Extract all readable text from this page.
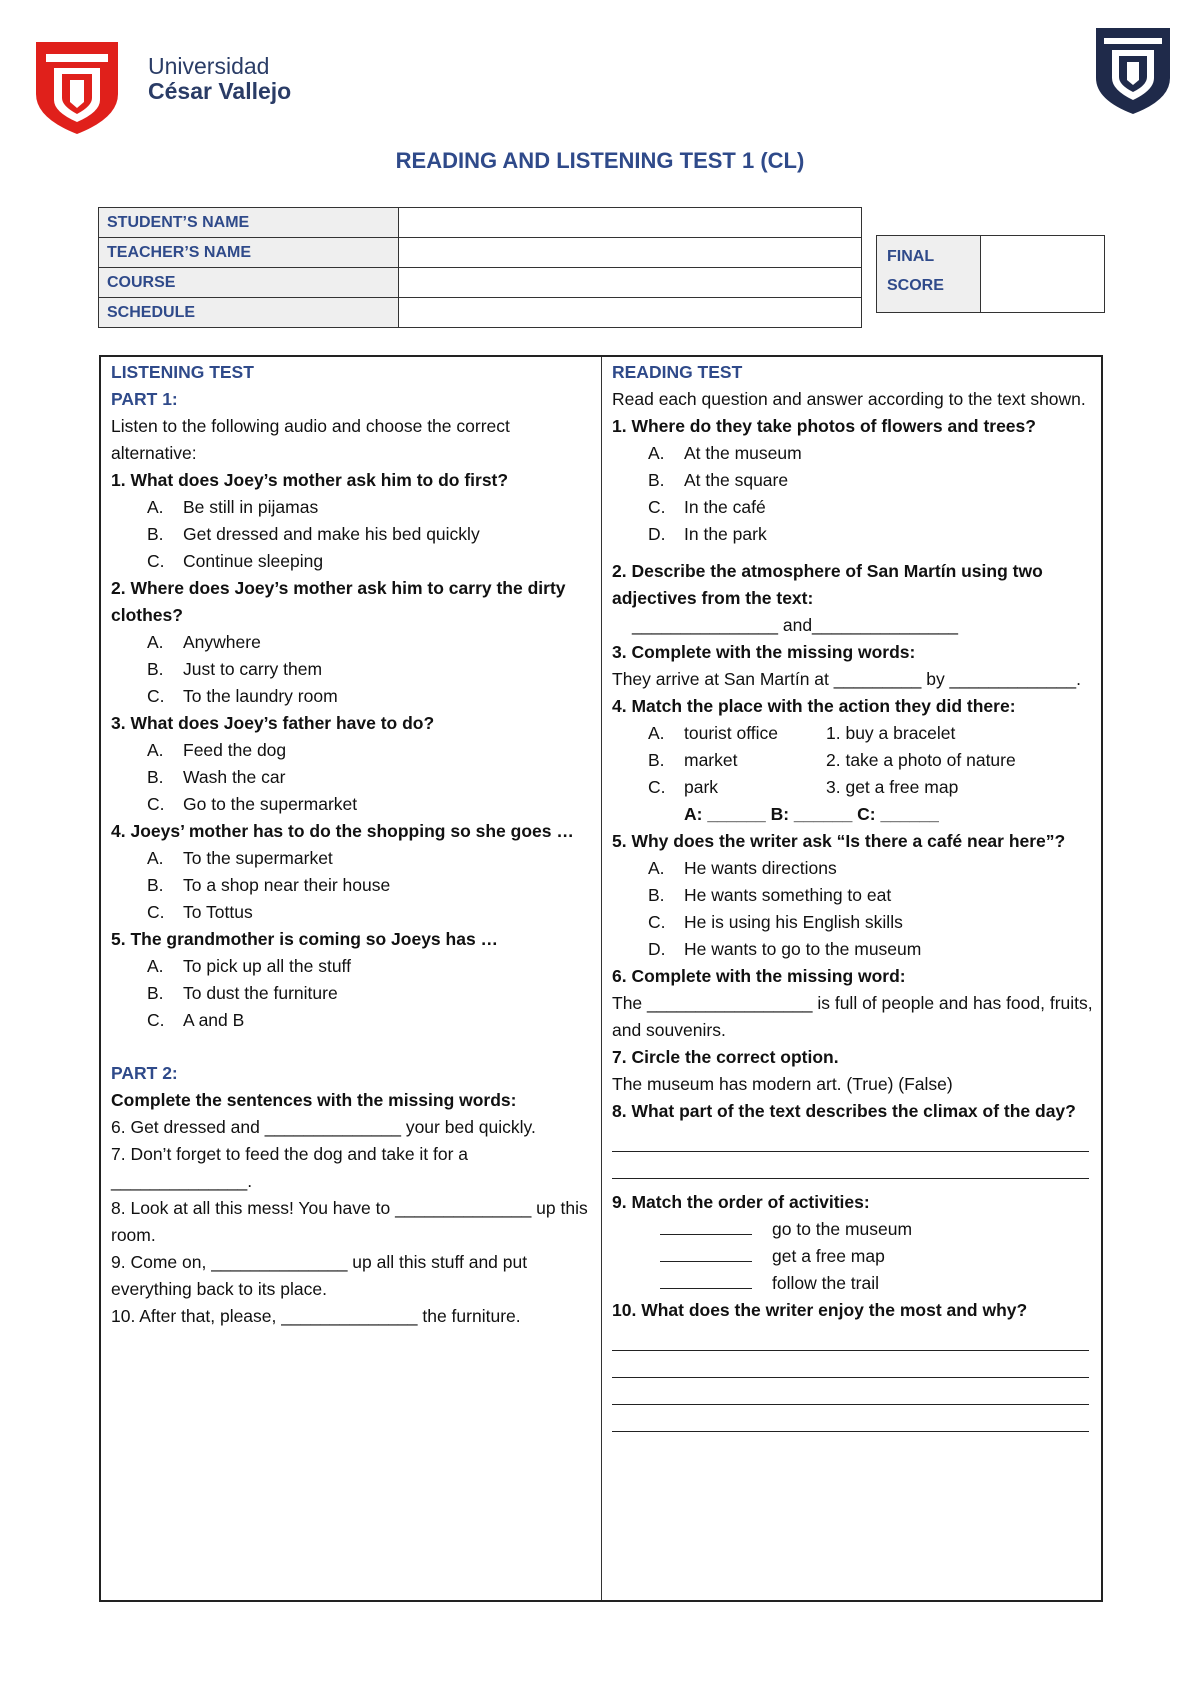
Universidad
César Vallejo
READING AND LISTENING TEST 1 (CL)
STUDENT’S NAME	
TEACHER’S NAME	
COURSE	
SCHEDULE	
FINAL
SCORE
LISTENING TEST
PART 1:
Listen to the following audio and choose the correct alternative:
1. What does Joey’s mother ask him to do first?
A. Be still in pijamas
B. Get dressed and make his bed quickly
C. Continue sleeping
2. Where does Joey’s mother ask him to carry the dirty clothes?
A. Anywhere
B. Just to carry them
C. To the laundry room
3. What does Joey’s father have to do?
A. Feed the dog
B. Wash the car
C. Go to the supermarket
4. Joeys’ mother has to do the shopping so she goes …
A. To the supermarket
B. To a shop near their house
C. To Tottus
5. The grandmother is coming so Joeys has …
A. To pick up all the stuff
B. To dust the furniture
C. A and B
PART 2:
Complete the sentences with the missing words:
6. Get dressed and ______________ your bed quickly.
7. Don’t forget to feed the dog and take it for a ______________.
8. Look at all this mess! You have to ______________ up this room.
9. Come on, ______________ up all this stuff and put everything back to its place.
10. After that, please, ______________ the furniture.
READING TEST
Read each question and answer according to the text shown.
1. Where do they take photos of flowers and trees?
A. At the museum
B. At the square
C. In the café
D. In the park
2. Describe the atmosphere of San Martín using two adjectives from the text:
_______________ and_______________
3. Complete with the missing words:
They arrive at San Martín at _________ by _____________.
4. Match the place with the action they did there:
A. tourist office	1. buy a bracelet
B. market	2. take a photo of nature
C. park	3. get a free map
A: ______ B: ______ C: ______
5. Why does the writer ask “Is there a café near here”?
A. He wants directions
B. He wants something to eat
C. He is using his English skills
D. He wants to go to the museum
6. Complete with the missing word:
The _________________ is full of people and has food, fruits, and souvenirs.
7. Circle the correct option.
The museum has modern art. (True) (False)
8. What part of the text describes the climax of the day?
9. Match the order of activities:
go to the museum
get a free map
follow the trail
10. What does the writer enjoy the most and why?
